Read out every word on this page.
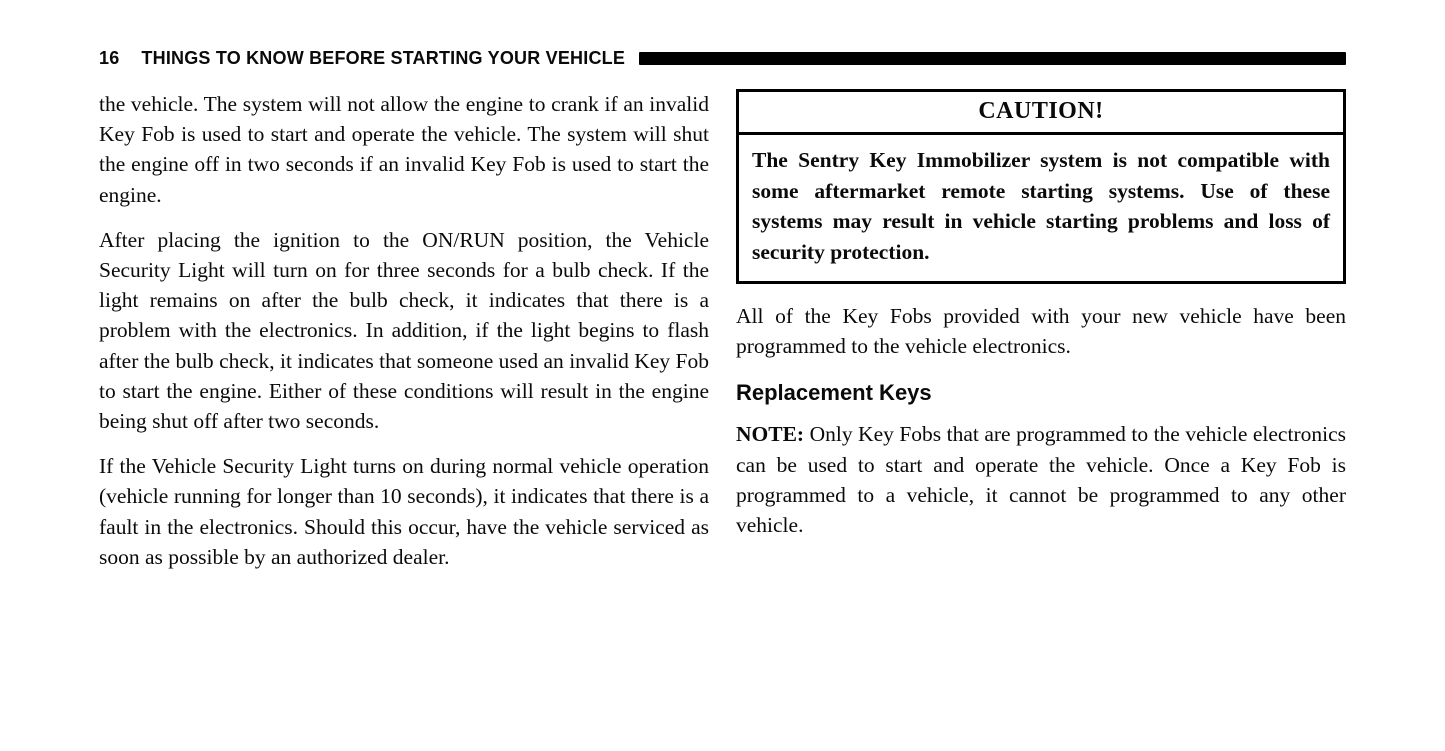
16 THINGS TO KNOW BEFORE STARTING YOUR VEHICLE

the vehicle. The system will not allow the engine to crank if an invalid Key Fob is used to start and operate the vehicle. The system will shut the engine off in two seconds if an invalid Key Fob is used to start the engine.

After placing the ignition to the ON/RUN position, the Vehicle Security Light will turn on for three seconds for a bulb check. If the light remains on after the bulb check, it indicates that there is a problem with the electronics. In addition, if the light begins to flash after the bulb check, it indicates that someone used an invalid Key Fob to start the engine. Either of these conditions will result in the engine being shut off after two seconds.

If the Vehicle Security Light turns on during normal vehicle operation (vehicle running for longer than 10 seconds), it indicates that there is a fault in the electronics. Should this occur, have the vehicle serviced as soon as possible by an authorized dealer.

CAUTION!
The Sentry Key Immobilizer system is not compatible with some aftermarket remote starting systems. Use of these systems may result in vehicle starting problems and loss of security protection.

All of the Key Fobs provided with your new vehicle have been programmed to the vehicle electronics.

Replacement Keys

NOTE: Only Key Fobs that are programmed to the vehicle electronics can be used to start and operate the vehicle. Once a Key Fob is programmed to a vehicle, it cannot be programmed to any other vehicle.
